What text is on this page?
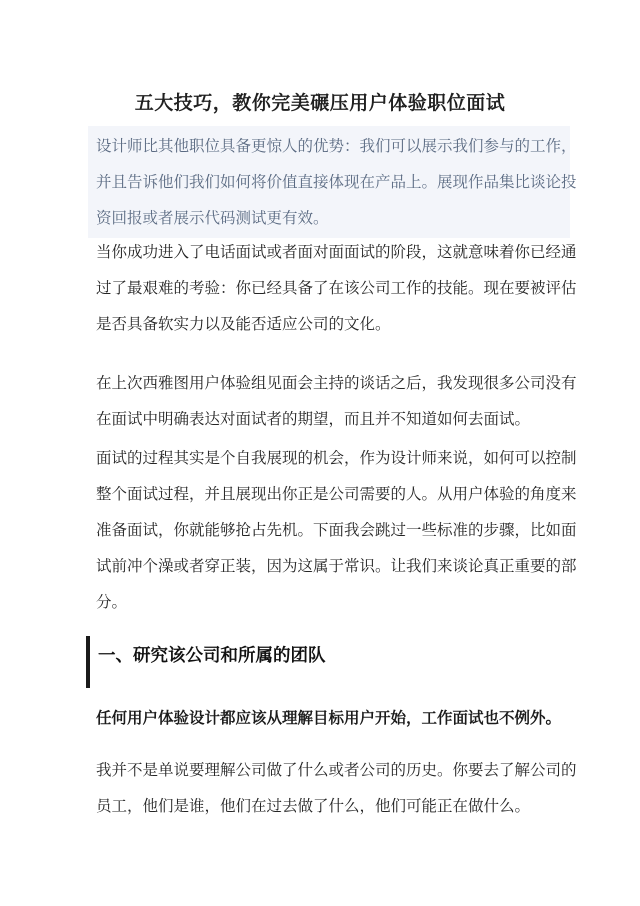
五大技巧，教你完美碾压用户体验职位面试
设计师比其他职位具备更惊人的优势：我们可以展示我们参与的工作，
并且告诉他们我们如何将价值直接体现在产品上。展现作品集比谈论投
资回报或者展示代码测试更有效。
当你成功进入了电话面试或者面对面面试的阶段，这就意味着你已经通
过了最艰难的考验：你已经具备了在该公司工作的技能。现在要被评估
是否具备软实力以及能否适应公司的文化。
在上次西雅图用户体验组见面会主持的谈话之后，我发现很多公司没有
在面试中明确表达对面试者的期望，而且并不知道如何去面试。
面试的过程其实是个自我展现的机会，作为设计师来说，如何可以控制
整个面试过程，并且展现出你正是公司需要的人。从用户体验的角度来
准备面试，你就能够抢占先机。下面我会跳过一些标准的步骤，比如面
试前冲个澡或者穿正装，因为这属于常识。让我们来谈论真正重要的部
分。
一、研究该公司和所属的团队
任何用户体验设计都应该从理解目标用户开始，工作面试也不例外。
我并不是单说要理解公司做了什么或者公司的历史。你要去了解公司的
员工，他们是谁，他们在过去做了什么，他们可能正在做什么。
